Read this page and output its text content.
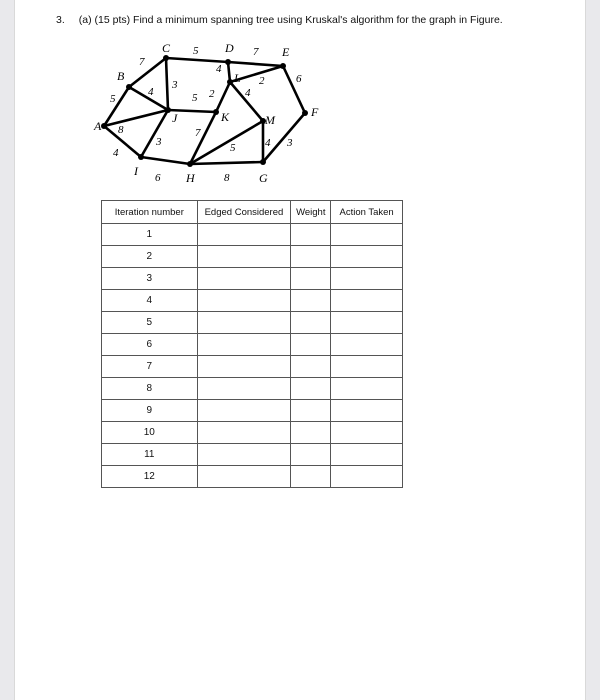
3. (a) (15 pts) Find a minimum spanning tree using Kruskal's algorithm for the graph in Figure.
A
B
C	D	E
F
G
H
I
J	K
L
M
5
4
8
7
4
3
5	7
4
2	6
2	4
5
7
3
6
5
8
4 3
Iteration number	Edged Considered	Weight	Action Taken
1			
2			
3			
4			
5			
6			
7			
8			
9			
10			
11			
12			
